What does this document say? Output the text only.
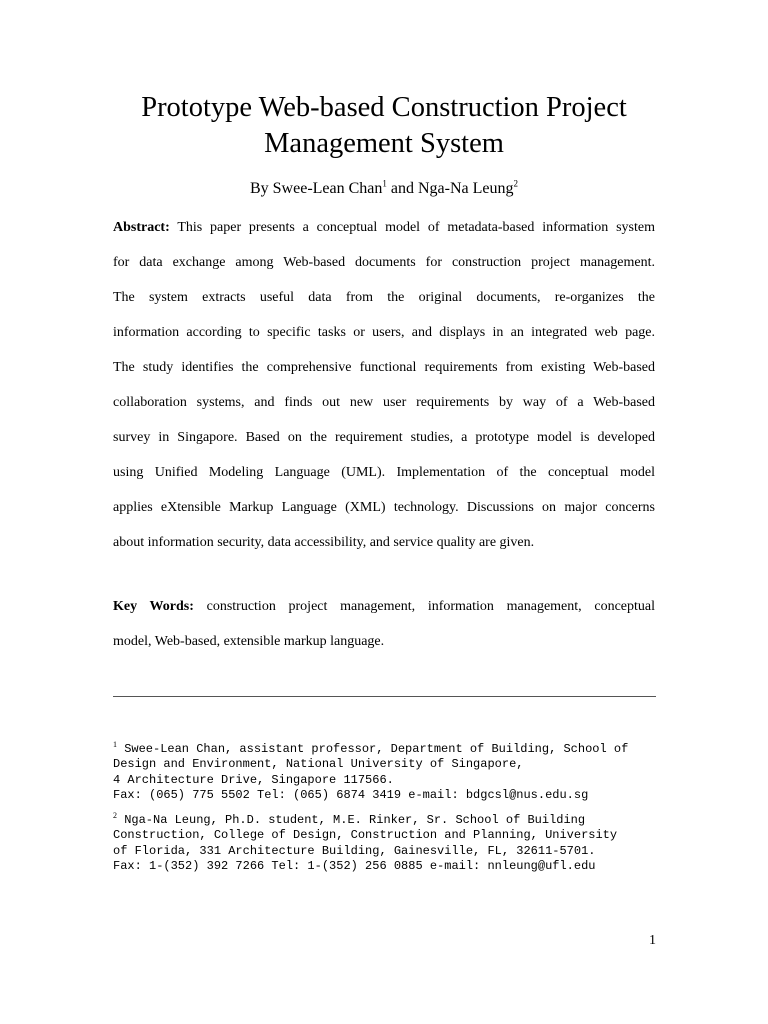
Prototype Web-based Construction Project
Management System
By Swee-Lean Chan$^1$ and Nga-Na Leung$^2$
Abstract: This paper presents a conceptual model of metadata-based information system
for data exchange among Web-based documents for construction project management.
The system extracts useful data from the original documents, re-organizes the
information according to specific tasks or users, and displays in an integrated web page.
The study identifies the comprehensive functional requirements from existing Web-based
collaboration systems, and finds out new user requirements by way of a Web-based
survey in Singapore. Based on the requirement studies, a prototype model is developed
using Unified Modeling Language (UML). Implementation of the conceptual model
applies eXtensible Markup Language (XML) technology. Discussions on major concerns
about information security, data accessibility, and service quality are given.
Key Words: construction project management, information management, conceptual
model, Web-based, extensible markup language.
$^1$ Swee-Lean Chan, assistant professor, Department of Building, School of
Design and Environment, National University of Singapore,
4 Architecture Drive, Singapore 117566.
Fax: (065) 775 5502 Tel: (065) 6874 3419 e-mail: bdgcsl@nus.edu.sg
$^2$ Nga-Na Leung, Ph.D. student, M.E. Rinker, Sr. School of Building
Construction, College of Design, Construction and Planning, University
of Florida, 331 Architecture Building, Gainesville, FL, 32611-5701.
Fax: 1-(352) 392 7266 Tel: 1-(352) 256 0885 e-mail: nnleung@ufl.edu
1
